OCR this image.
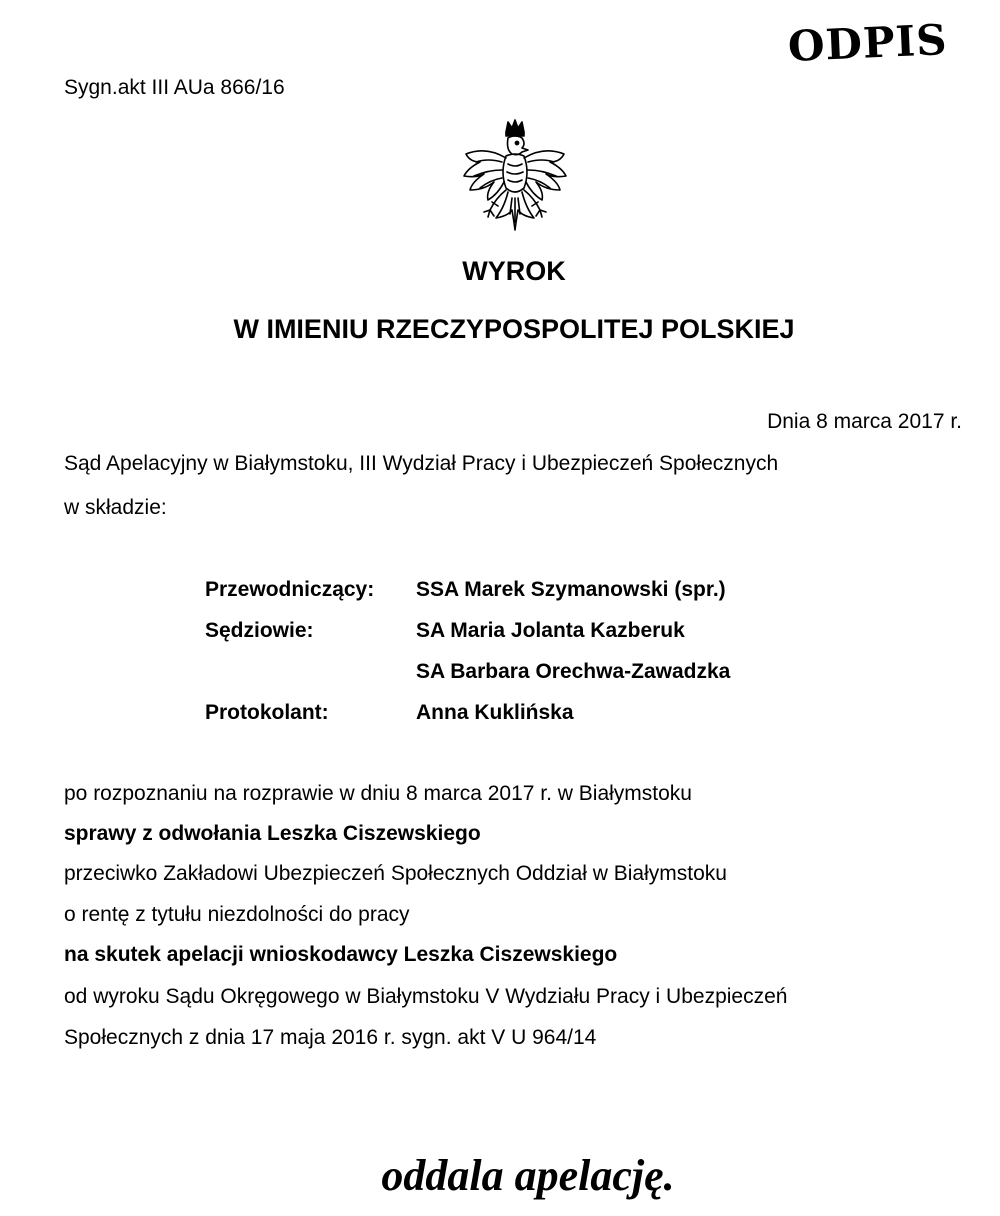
ODPIS
Sygn.akt III AUa 866/16
WYROK
W IMIENIU RZECZYPOSPOLITEJ POLSKIEJ
Dnia 8 marca 2017 r.
Sąd Apelacyjny w Białymstoku, III Wydział Pracy i Ubezpieczeń Społecznych
w składzie:
Przewodniczący: SSA Marek Szymanowski (spr.)
Sędziowie:	SA Maria Jolanta Kazberuk
SA Barbara Orechwa-Zawadzka
Protokolant:	Anna Kuklińska
po rozpoznaniu na rozprawie w dniu 8 marca 2017 r. w Białymstoku
sprawy z odwołania Leszka Ciszewskiego
przeciwko Zakładowi Ubezpieczeń Społecznych Oddział w Białymstoku
o rentę z tytułu niezdolności do pracy
na skutek apelacji wnioskodawcy Leszka Ciszewskiego
od wyroku Sądu Okręgowego w Białymstoku V Wydziału Pracy i Ubezpieczeń
Społecznych z dnia 17 maja 2016 r. sygn. akt V U 964/14
oddala apelację.
